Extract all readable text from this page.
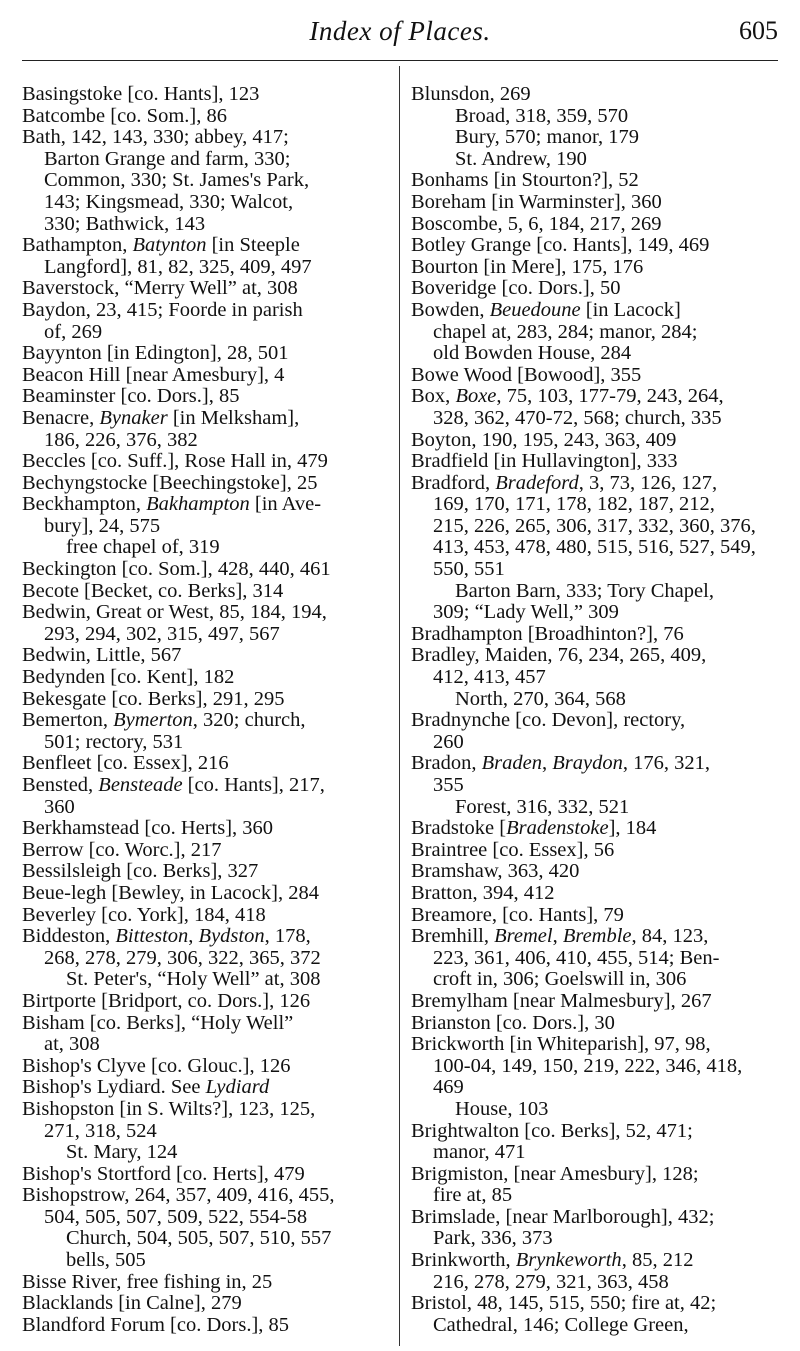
Index of Places.	605
Basingstoke [co. Hants], 123
Batcombe [co. Som.], 86
Bath, 142, 143, 330; abbey, 417;
Barton Grange and farm, 330;
Common, 330; St. James's Park,
143; Kingsmead, 330; Walcot,
330; Bathwick, 143
Bathampton, Batynton [in Steeple
Langford], 81, 82, 325, 409, 497
Baverstock, “Merry Well” at, 308
Baydon, 23, 415; Foorde in parish
of, 269
Bayynton [in Edington], 28, 501
Beacon Hill [near Amesbury], 4
Beaminster [co. Dors.], 85
Benacre, Bynaker [in Melksham],
186, 226, 376, 382
Beccles [co. Suff.], Rose Hall in, 479
Bechyngstocke [Beechingstoke], 25
Beckhampton, Bakhampton [in Ave-
bury], 24, 575
free chapel of, 319
Beckington [co. Som.], 428, 440, 461
Becote [Becket, co. Berks], 314
Bedwin, Great or West, 85, 184, 194,
293, 294, 302, 315, 497, 567
Bedwin, Little, 567
Bedynden [co. Kent], 182
Bekesgate [co. Berks], 291, 295
Bemerton, Bymerton, 320; church,
501; rectory, 531
Benfleet [co. Essex], 216
Bensted, Bensteade [co. Hants], 217,
360
Berkhamstead [co. Herts], 360
Berrow [co. Worc.], 217
Bessilsleigh [co. Berks], 327
Beue-legh [Bewley, in Lacock], 284
Beverley [co. York], 184, 418
Biddeston, Bitteston, Bydston, 178,
268, 278, 279, 306, 322, 365, 372
St. Peter's, “Holy Well” at, 308
Birtporte [Bridport, co. Dors.], 126
Bisham [co. Berks], “Holy Well”
at, 308
Bishop's Clyve [co. Glouc.], 126
Bishop's Lydiard. See Lydiard
Bishopston [in S. Wilts?], 123, 125,
271, 318, 524
St. Mary, 124
Bishop's Stortford [co. Herts], 479
Bishopstrow, 264, 357, 409, 416, 455,
504, 505, 507, 509, 522, 554-58
Church, 504, 505, 507, 510, 557
bells, 505
Bisse River, free fishing in, 25
Blacklands [in Calne], 279
Blandford Forum [co. Dors.], 85
Blunsdon, 269
Broad, 318, 359, 570
Bury, 570; manor, 179
St. Andrew, 190
Bonhams [in Stourton?], 52
Boreham [in Warminster], 360
Boscombe, 5, 6, 184, 217, 269
Botley Grange [co. Hants], 149, 469
Bourton [in Mere], 175, 176
Boveridge [co. Dors.], 50
Bowden, Beuedoune [in Lacock]
chapel at, 283, 284; manor, 284;
old Bowden House, 284
Bowe Wood [Bowood], 355
Box, Boxe, 75, 103, 177-79, 243, 264,
328, 362, 470-72, 568; church, 335
Boyton, 190, 195, 243, 363, 409
Bradfield [in Hullavington], 333
Bradford, Bradeford, 3, 73, 126, 127,
169, 170, 171, 178, 182, 187, 212,
215, 226, 265, 306, 317, 332, 360, 376,
413, 453, 478, 480, 515, 516, 527, 549,
550, 551
Barton Barn, 333; Tory Chapel,
309; “Lady Well,” 309
Bradhampton [Broadhinton?], 76
Bradley, Maiden, 76, 234, 265, 409,
412, 413, 457
North, 270, 364, 568
Bradnynche [co. Devon], rectory,
260
Bradon, Braden, Braydon, 176, 321,
355
Forest, 316, 332, 521
Bradstoke [Bradenstoke], 184
Braintree [co. Essex], 56
Bramshaw, 363, 420
Bratton, 394, 412
Breamore, [co. Hants], 79
Bremhill, Bremel, Bremble, 84, 123,
223, 361, 406, 410, 455, 514; Ben-
croft in, 306; Goelswill in, 306
Bremylham [near Malmesbury], 267
Brianston [co. Dors.], 30
Brickworth [in Whiteparish], 97, 98,
100-04, 149, 150, 219, 222, 346, 418,
469
House, 103
Brightwalton [co. Berks], 52, 471;
manor, 471
Brigmiston, [near Amesbury], 128;
fire at, 85
Brimslade, [near Marlborough], 432;
Park, 336, 373
Brinkworth, Brynkeworth, 85, 212
216, 278, 279, 321, 363, 458
Bristol, 48, 145, 515, 550; fire at, 42;
Cathedral, 146; College Green,
